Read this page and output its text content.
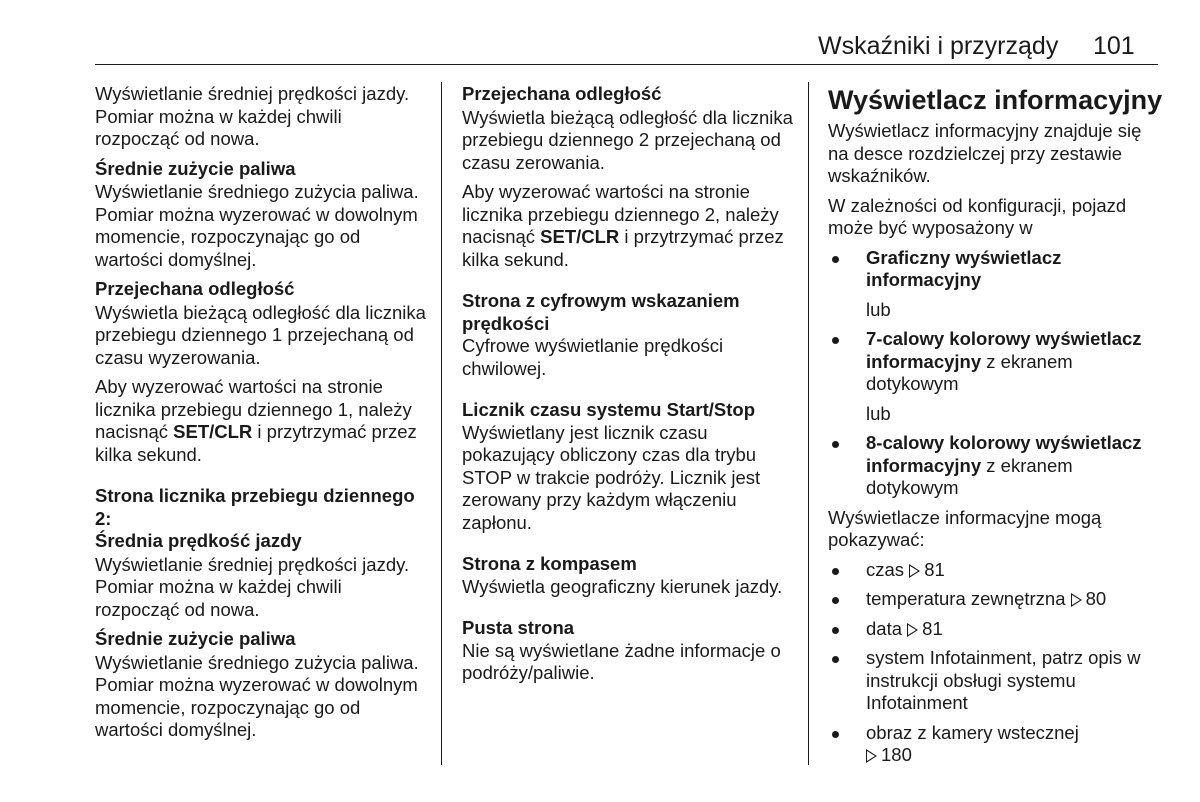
Wskaźniki i przyrządy 101

Wyświetlanie średniej prędkości jazdy. Pomiar można w każdej chwili rozpocząć od nowa.

Średnie zużycie paliwa

Wyświetlanie średniego zużycia paliwa. Pomiar można wyzerować w dowolnym momencie, rozpoczynając go od wartości domyślnej.

Przejechana odległość

Wyświetla bieżącą odległość dla licznika przebiegu dziennego 1 przejechaną od czasu wyzerowania.

Aby wyzerować wartości na stronie licznika przebiegu dziennego 1, należy nacisnąć SET/CLR i przytrzymać przez kilka sekund.

Strona licznika przebiegu dziennego 2:
Średnia prędkość jazdy

Wyświetlanie średniej prędkości jazdy. Pomiar można w każdej chwili rozpocząć od nowa.

Średnie zużycie paliwa

Wyświetlanie średniego zużycia paliwa. Pomiar można wyzerować w dowolnym momencie, rozpoczynając go od wartości domyślnej.

Przejechana odległość

Wyświetla bieżącą odległość dla licznika przebiegu dziennego 2 przejechaną od czasu zerowania.

Aby wyzerować wartości na stronie licznika przebiegu dziennego 2, należy nacisnąć SET/CLR i przytrzymać przez kilka sekund.

Strona z cyfrowym wskazaniem prędkości

Cyfrowe wyświetlanie prędkości chwilowej.

Licznik czasu systemu Start/Stop

Wyświetlany jest licznik czasu pokazujący obliczony czas dla trybu STOP w trakcie podróży. Licznik jest zerowany przy każdym włączeniu zapłonu.

Strona z kompasem

Wyświetla geograficzny kierunek jazdy.

Pusta strona

Nie są wyświetlane żadne informacje o podróży/paliwie.

Wyświetlacz informacyjny

Wyświetlacz informacyjny znajduje się na desce rozdzielczej przy zestawie wskaźników.

W zależności od konfiguracji, pojazd może być wyposażony w

Graficzny wyświetlacz informacyjny
lub
7-calowy kolorowy wyświetlacz informacyjny z ekranem dotykowym
lub
8-calowy kolorowy wyświetlacz informacyjny z ekranem dotykowym

Wyświetlacze informacyjne mogą pokazywać:

czas 81
temperatura zewnętrzna 80
data 81
system Infotainment, patrz opis w instrukcji obsługi systemu Infotainment
obraz z kamery wstecznej
180
